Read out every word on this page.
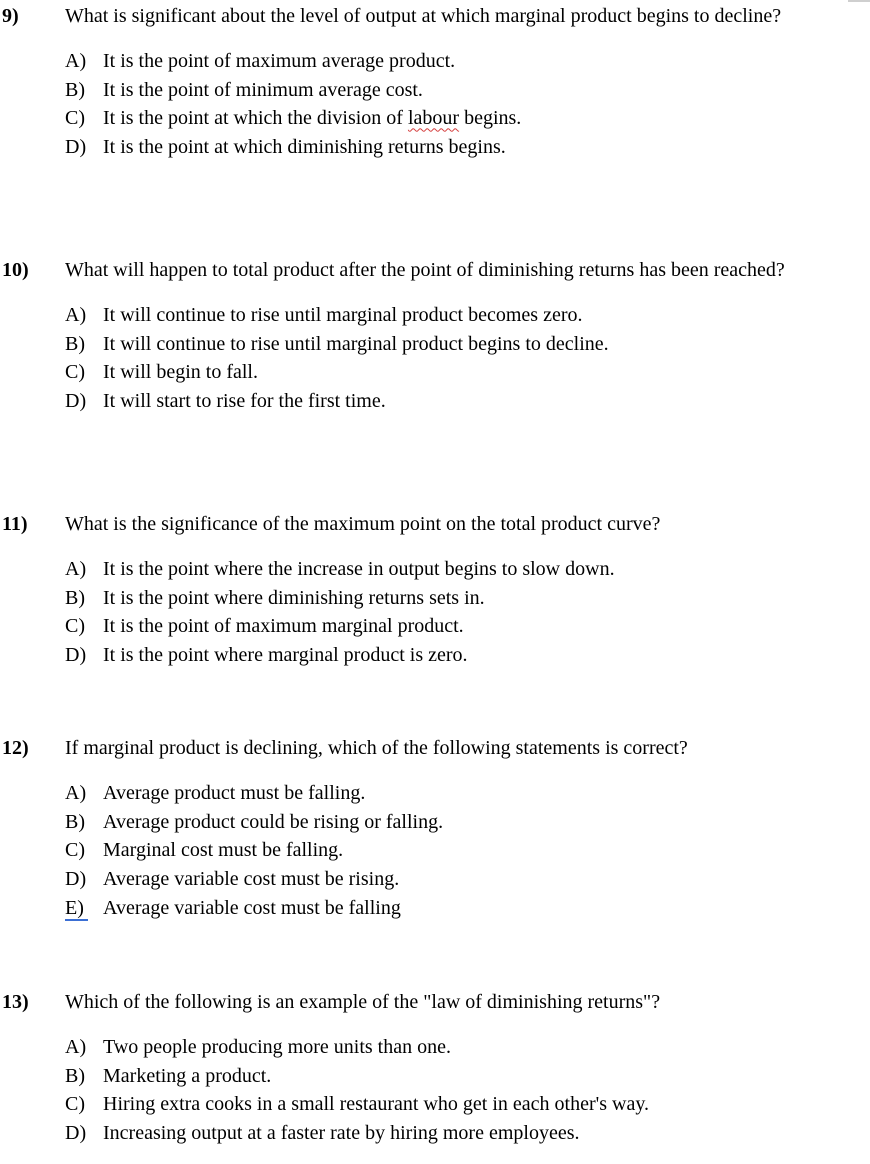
9) What is significant about the level of output at which marginal product begins to decline?
A) It is the point of maximum average product.
B) It is the point of minimum average cost.
C) It is the point at which the division of labour begins.
D) It is the point at which diminishing returns begins.
10) What will happen to total product after the point of diminishing returns has been reached?
A) It will continue to rise until marginal product becomes zero.
B) It will continue to rise until marginal product begins to decline.
C) It will begin to fall.
D) It will start to rise for the first time.
11) What is the significance of the maximum point on the total product curve?
A) It is the point where the increase in output begins to slow down.
B) It is the point where diminishing returns sets in.
C) It is the point of maximum marginal product.
D) It is the point where marginal product is zero.
12) If marginal product is declining, which of the following statements is correct?
A) Average product must be falling.
B) Average product could be rising or falling.
C) Marginal cost must be falling.
D) Average variable cost must be rising.
E) Average variable cost must be falling
13) Which of the following is an example of the "law of diminishing returns"?
A) Two people producing more units than one.
B) Marketing a product.
C) Hiring extra cooks in a small restaurant who get in each other's way.
D) Increasing output at a faster rate by hiring more employees.
